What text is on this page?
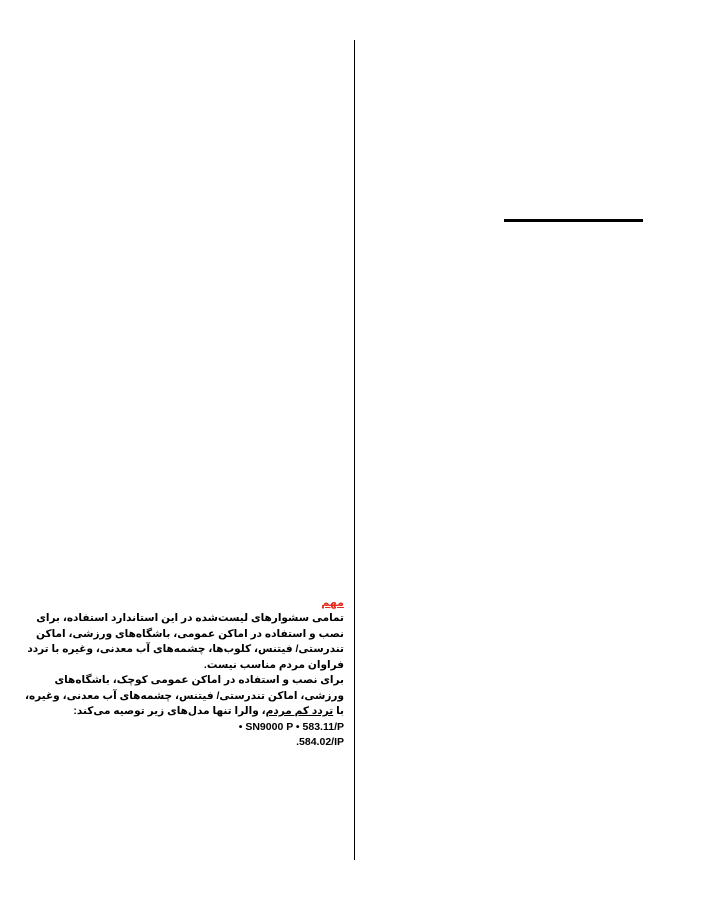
مهم

تمامی سشوارهای لیست‌شده در این استاندارد استفاده، برای نصب و استفاده در اماکن عمومی، باشگاه‌های ورزشی، اماکن تندرستی/ فیتنس، کلوب‌ها، چشمه‌های آب معدنی، وغیره با تردد فراوان مردم مناسب نیست.

برای نصب و استفاده در اماکن عمومی کوچک، باشگاه‌های ورزشی، اماکن تندرستی/ فیتنس، چشمه‌های آب معدنی، وغیره، با تردد کم مردم، والرا تنها مدل‌های زیر توصیه می‌کند: • SN9000 P • 583.11/P

.584.02/IP
